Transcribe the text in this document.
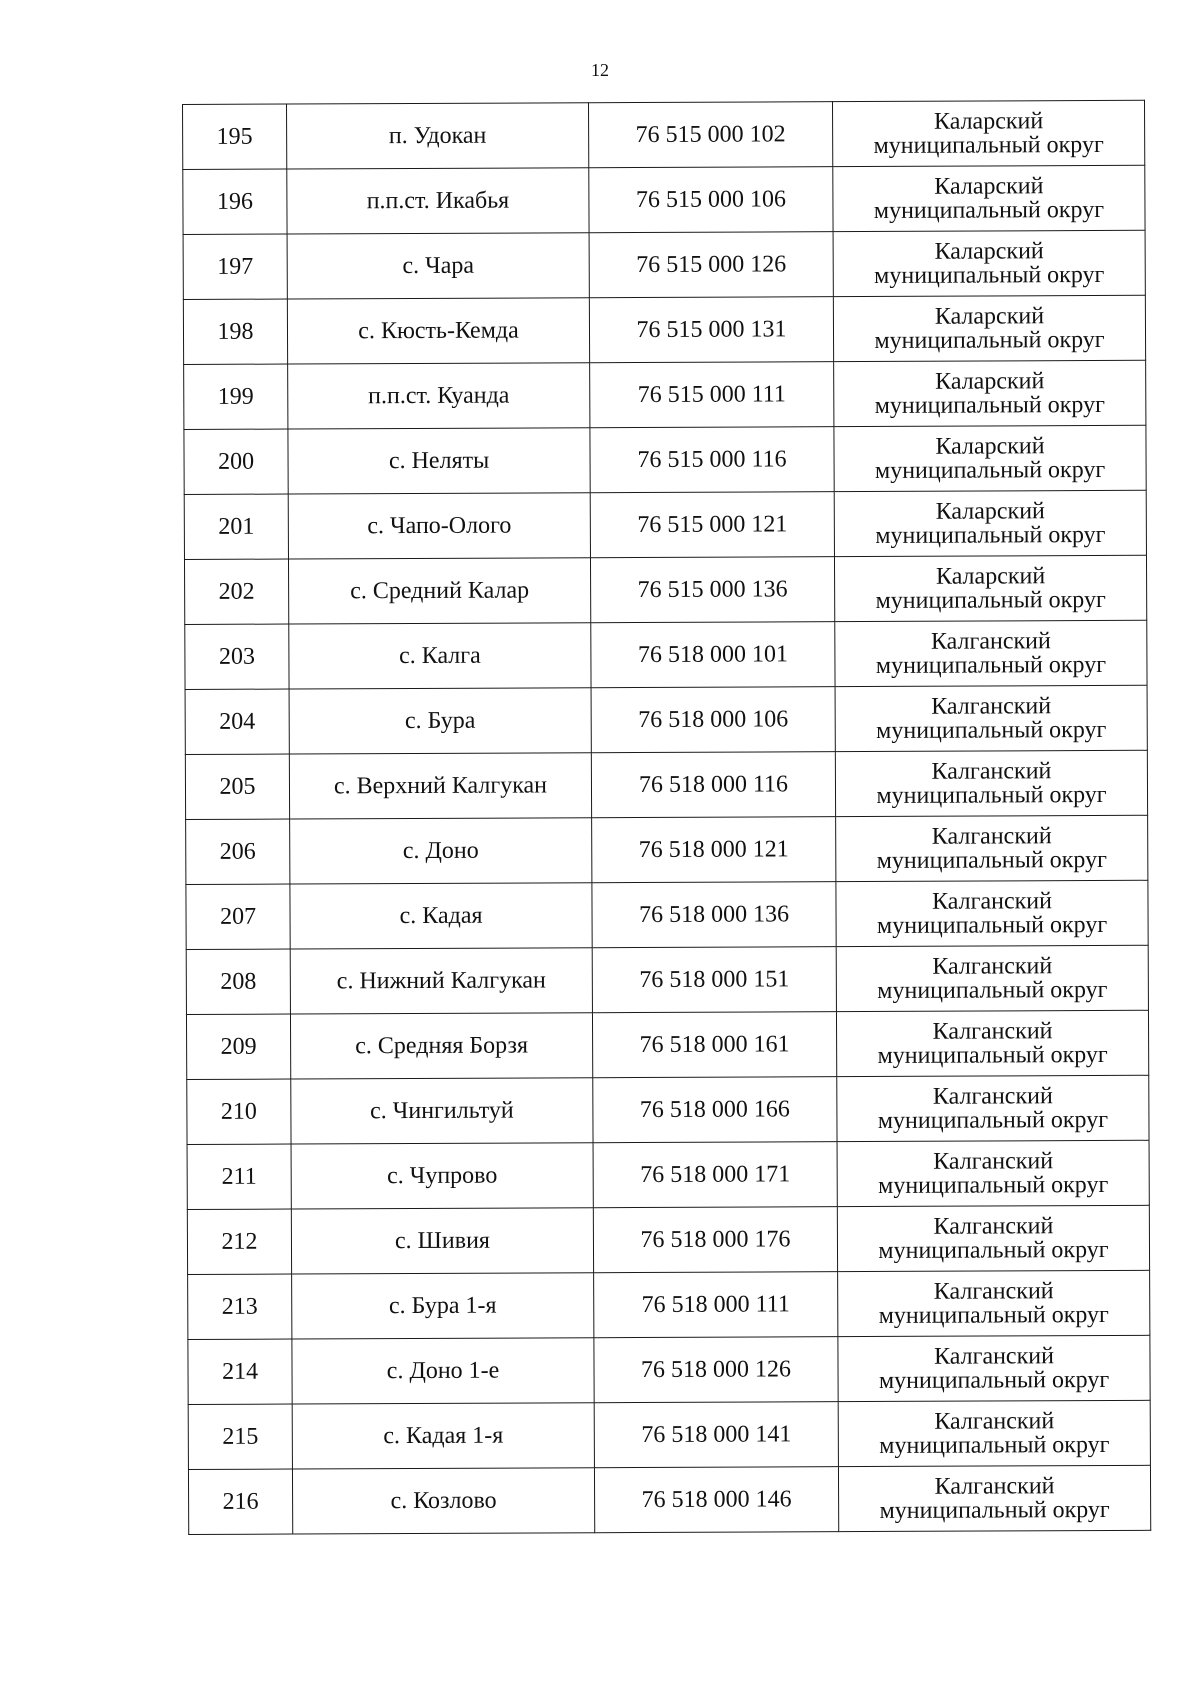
12
195	п. Удокан	76 515 000 102	Каларский
муниципальный округ

196	п.п.ст. Икабья	76 515 000 106	Каларский
муниципальный округ

197	с. Чара	76 515 000 126	Каларский
муниципальный округ

198	с. Кюсть-Кемда	76 515 000 131	Каларский
муниципальный округ

199	п.п.ст. Куанда	76 515 000 111	Каларский
муниципальный округ

200	с. Неляты	76 515 000 116	Каларский
муниципальный округ

201	с. Чапо-Олого	76 515 000 121	Каларский
муниципальный округ

202	с. Средний Калар	76 515 000 136	Каларский
муниципальный округ

203	с. Калга	76 518 000 101	Калганский
муниципальный округ

204	с. Бура	76 518 000 106	Калганский
муниципальный округ

205	с. Верхний Калгукан	76 518 000 116	Калганский
муниципальный округ

206	с. Доно	76 518 000 121	Калганский
муниципальный округ

207	с. Кадая	76 518 000 136	Калганский
муниципальный округ

208	с. Нижний Калгукан	76 518 000 151	Калганский
муниципальный округ

209	с. Средняя Борзя	76 518 000 161	Калганский
муниципальный округ

210	с. Чингильтуй	76 518 000 166	Калганский
муниципальный округ

211	с. Чупрово	76 518 000 171	Калганский
муниципальный округ

212	с. Шивия	76 518 000 176	Калганский
муниципальный округ

213	с. Бура 1-я	76 518 000 111	Калганский
муниципальный округ

214	с. Доно 1-е	76 518 000 126	Калганский
муниципальный округ

215	с. Кадая 1-я	76 518 000 141	Калганский
муниципальный округ

216	с. Козлово	76 518 000 146	Калганский
муниципальный округ
